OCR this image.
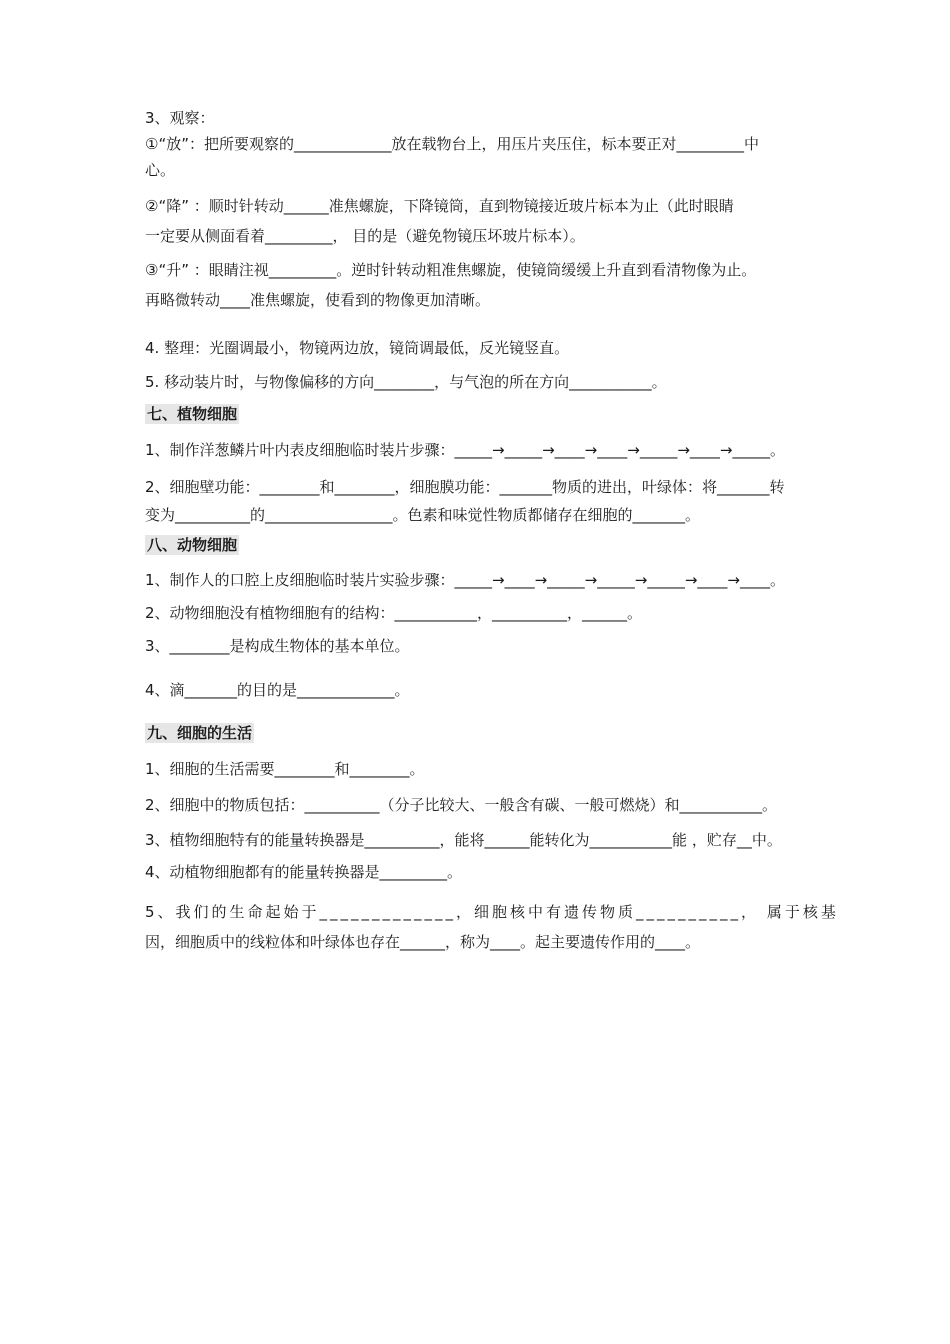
3、观察：
①“放”：把所要观察的_____________放在载物台上，用压片夹压住，标本要正对_________中
心。
②“降” ：顺时针转动______准焦螺旋，下降镜筒，直到物镜接近玻片标本为止（此时眼睛
一定要从侧面看着_________， 目的是（避免物镜压坏玻片标本）。
③“升” ：眼睛注视_________。逆时针转动粗准焦螺旋，使镜筒缓缓上升直到看清物像为止。
再略微转动____准焦螺旋，使看到的物像更加清晰。
4. 整理：光圈调最小，物镜两边放，镜筒调最低，反光镜竖直。
5. 移动装片时，与物像偏移的方向________，与气泡的所在方向___________。
七、植物细胞
1、制作洋葱鳞片叶内表皮细胞临时装片步骤：_____→_____→____→____→_____→____→_____。
2、细胞壁功能：________和________，细胞膜功能：_______物质的进出，叶绿体：将_______转
变为__________的_________________。色素和味觉性物质都储存在细胞的_______。
八、动物细胞
1、制作人的口腔上皮细胞临时装片实验步骤：_____→____→_____→_____→_____→____→____。
2、动物细胞没有植物细胞有的结构：___________，__________，______。
3、________是构成生物体的基本单位。
4、滴_______的目的是_____________。
九、细胞的生活
1、细胞的生活需要________和________。
2、细胞中的物质包括：__________（分子比较大、一般含有碳、一般可燃烧）和___________。
3、植物细胞特有的能量转换器是__________，能将______能转化为___________能 ，贮存__中。
4、动植物细胞都有的能量转换器是_________。
5、我们的生命起始于_____________，细胞核中有遗传物质__________， 属于核基
因，细胞质中的线粒体和叶绿体也存在______，称为____。起主要遗传作用的____。
